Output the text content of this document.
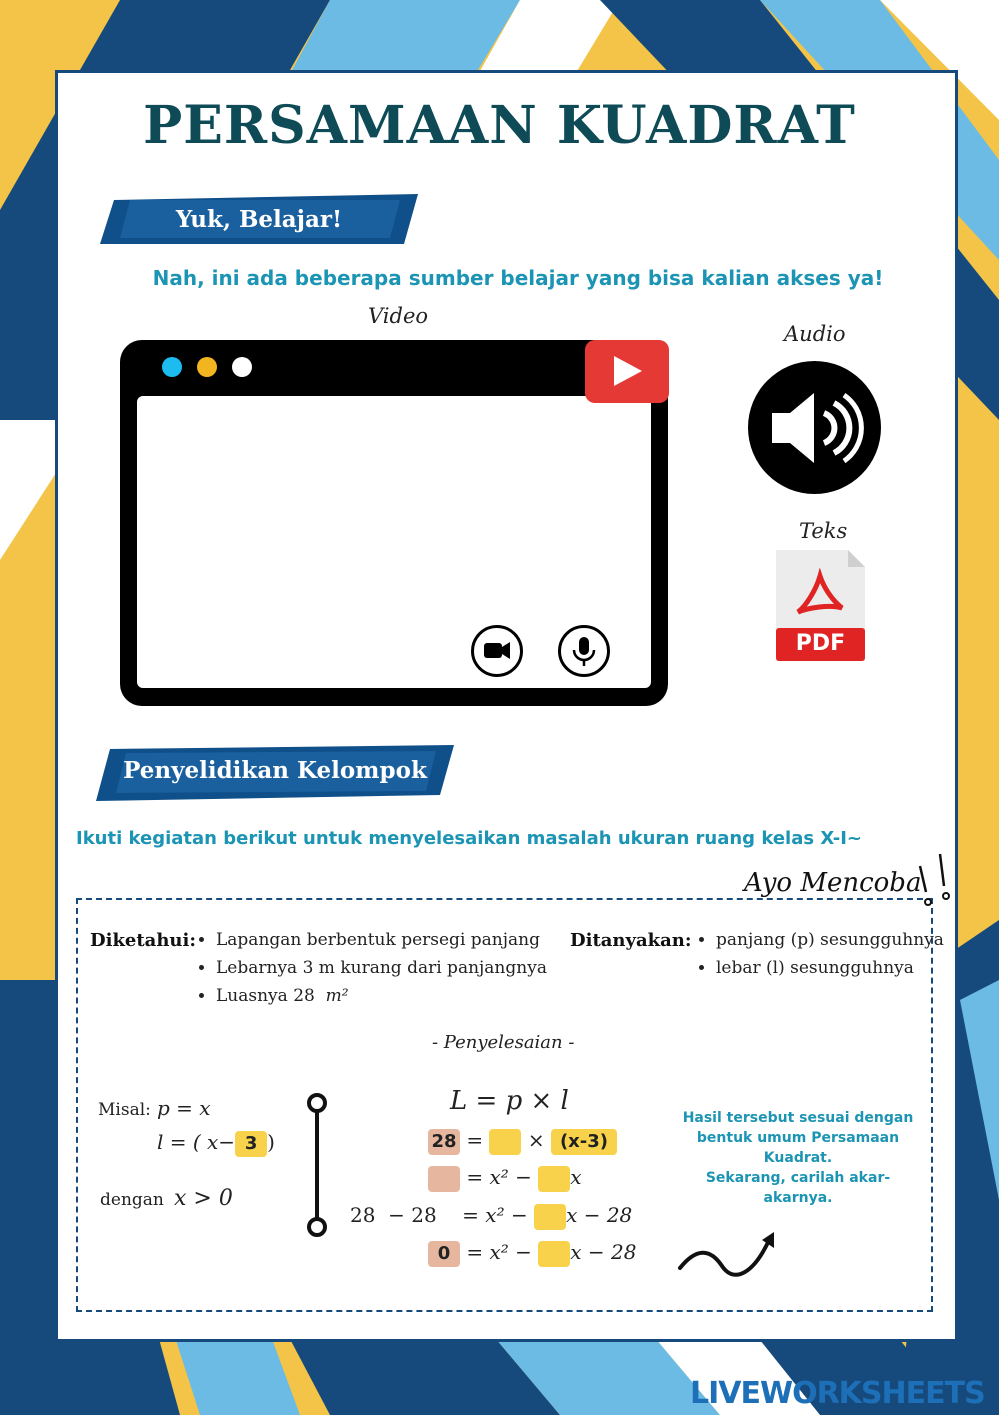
PERSAMAAN KUADRAT
Yuk, Belajar!
Nah, ini ada beberapa sumber belajar yang bisa kalian akses ya!
Video
Audio
Teks
PDF
Penyelidikan Kelompok
Ikuti kegiatan berikut untuk menyelesaikan masalah ukuran ruang kelas X-I~
Ayo Mencoba
Diketahui: • Lapangan berbentuk persegi panjang
• Lebarnya 3 m kurang dari panjangnya
• Luasnya 28 m²
Ditanyakan: • panjang (p) sesungguhnya
• lebar (l) sesungguhnya
- Penyelesaian -
Misal: p = x
l = ( x− 3 )
dengan x > 0
L = p × l
28 =  × (x-3)
= x² − x
28  − 28 = x² − x − 28
0 = x² − x − 28
Hasil tersebut sesuai dengan bentuk umum Persamaan Kuadrat.
Sekarang, carilah akar-akarnya.
LIVEWORKSHEETS
